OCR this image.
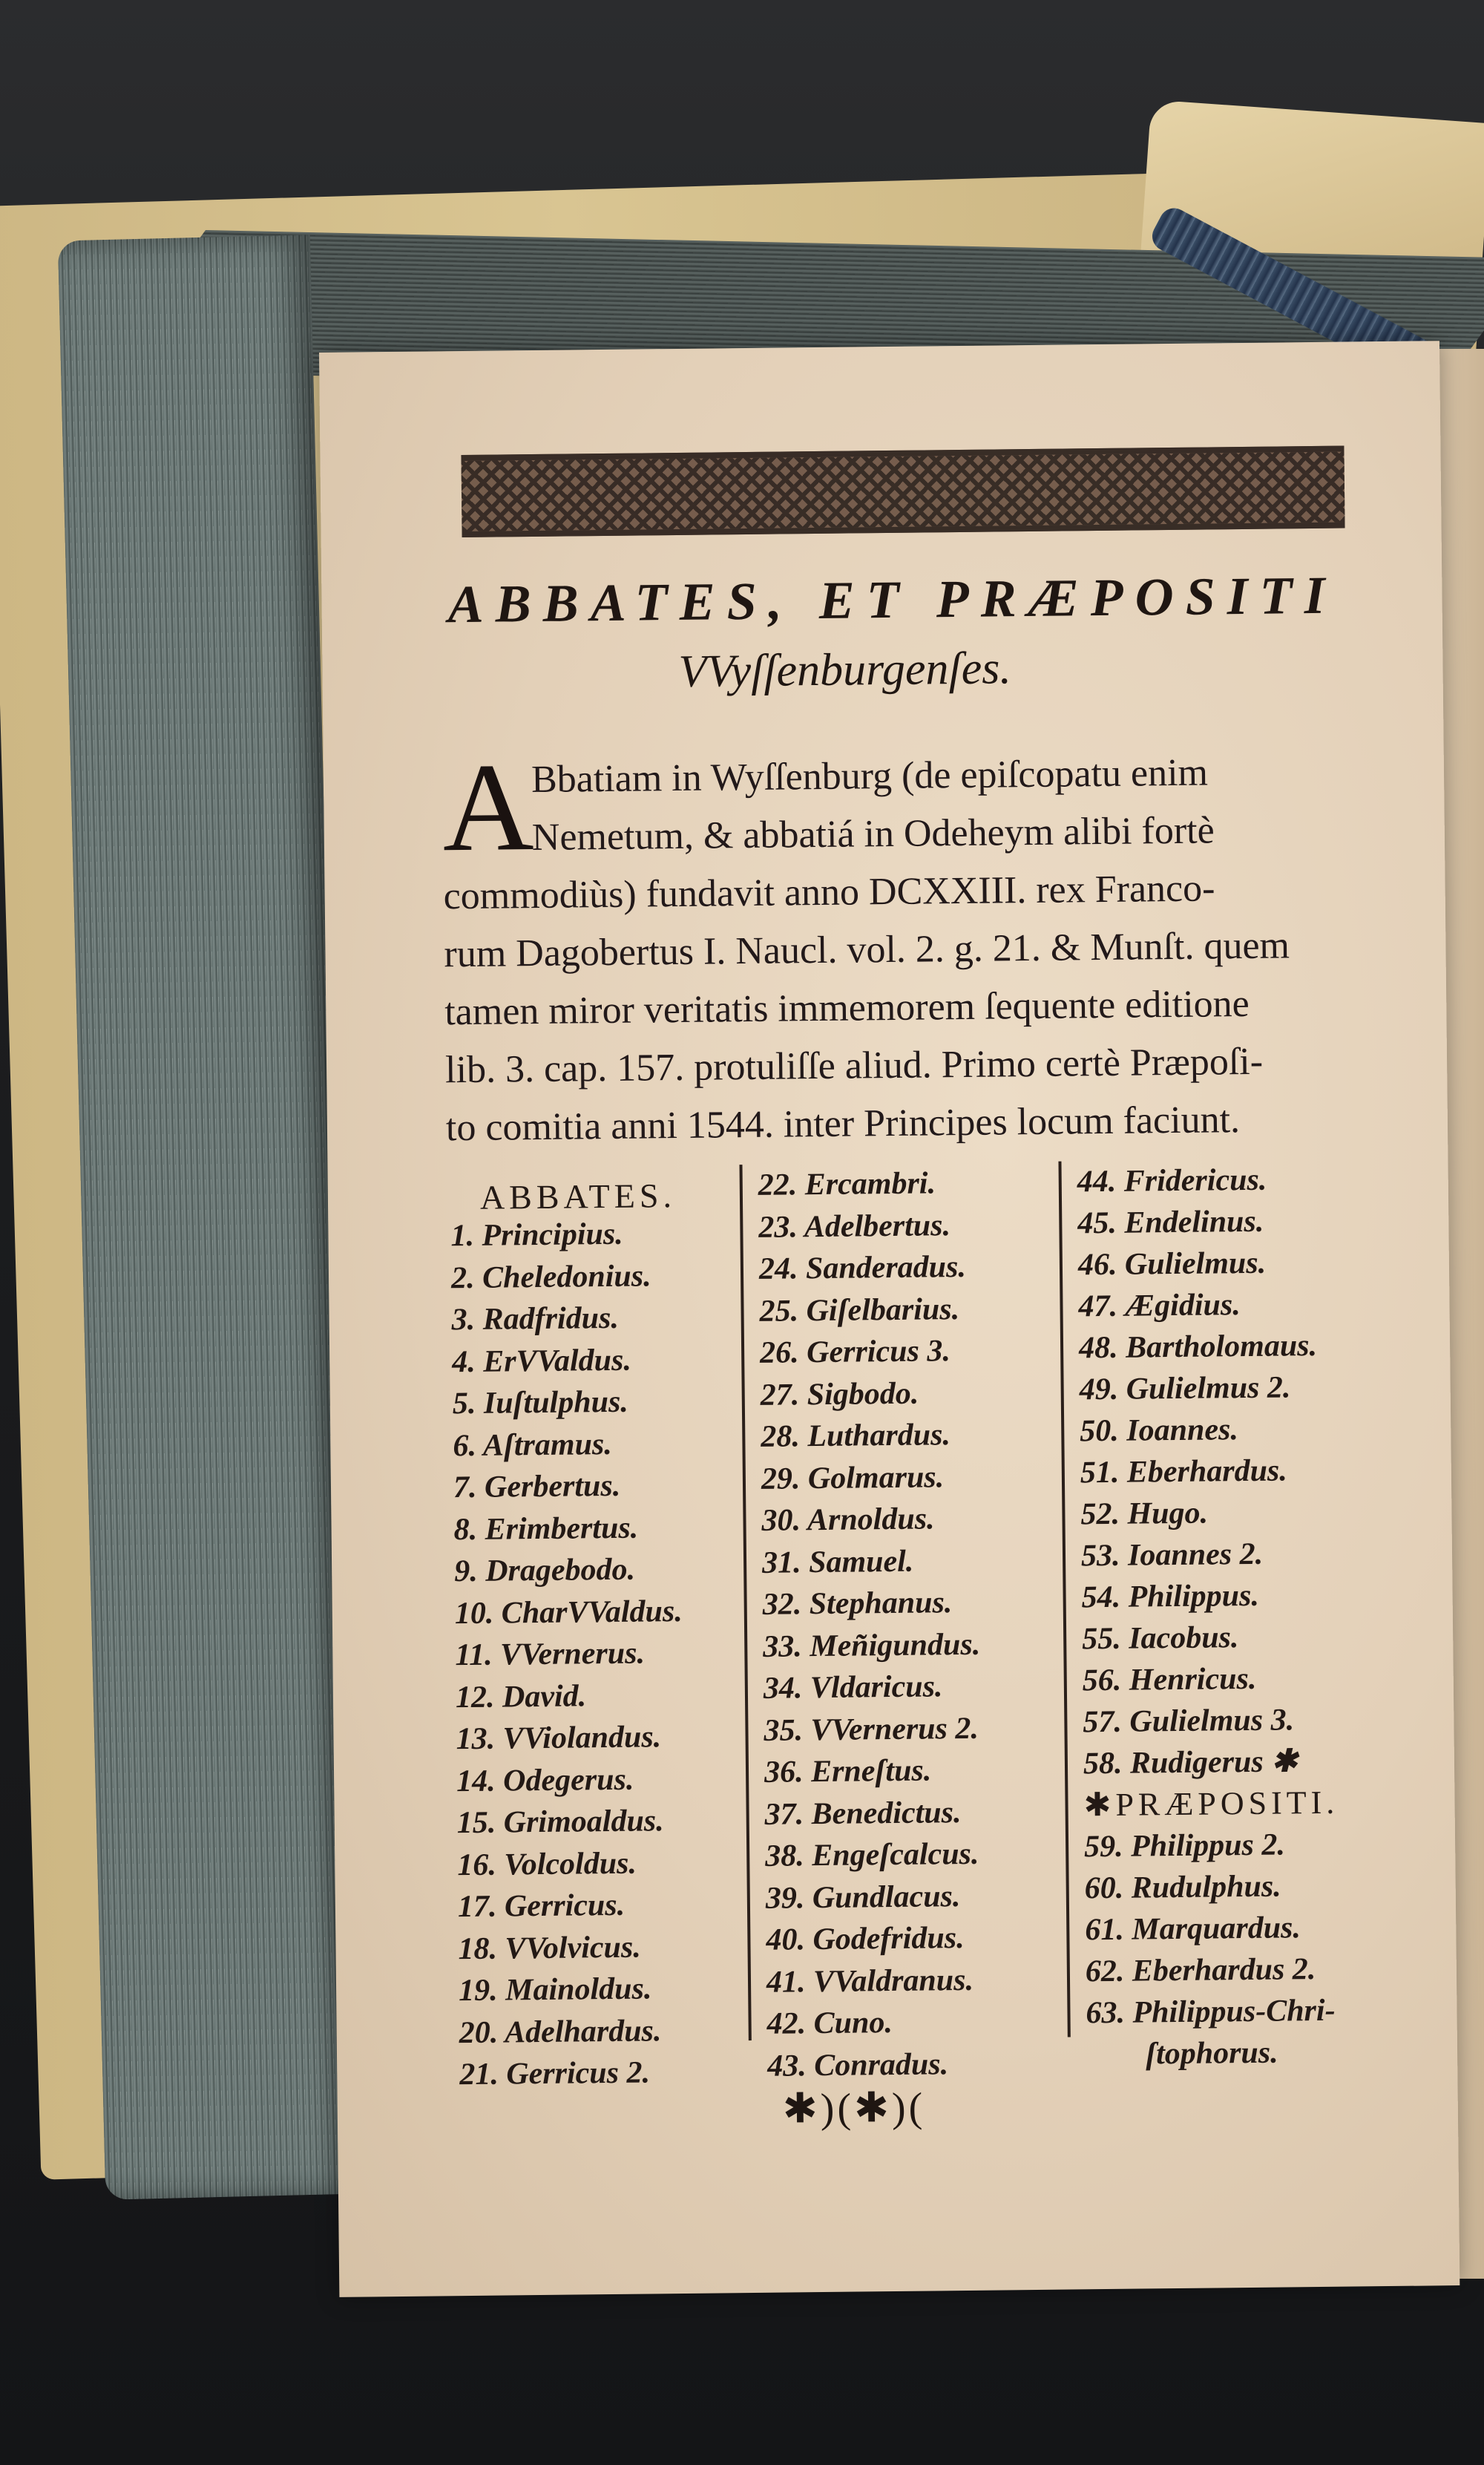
ABBATES, ET PRÆPOSITI
VVyſſenburgenſes.
A
Bbatiam in Wyſſenburg (de epiſcopatu enim
Nemetum, & abbatiá in Odeheym alibi fortè
commodiùs) fundavit anno DCXXIII. rex Franco-
rum Dagobertus I. Naucl. vol. 2. g. 21. & Munſt. quem
tamen miror veritatis immemorem ſequente editione
lib. 3. cap. 157. protuliſſe aliud. Primo certè Præpoſi-
to comitia anni 1544. inter Principes locum faciunt.
ABBATES.
1. Principius.
2. Cheledonius.
3. Radfridus.
4. ErVValdus.
5. Iuſtulphus.
6. Aſtramus.
7. Gerbertus.
8. Erimbertus.
9. Dragebodo.
10. CharVValdus.
11. VVernerus.
12. David.
13. VViolandus.
14. Odegerus.
15. Grimoaldus.
16. Volcoldus.
17. Gerricus.
18. VVolvicus.
19. Mainoldus.
20. Adelhardus.
21. Gerricus 2.
22. Ercambri.
23. Adelbertus.
24. Sanderadus.
25. Giſelbarius.
26. Gerricus 3.
27. Sigbodo.
28. Luthardus.
29. Golmarus.
30. Arnoldus.
31. Samuel.
32. Stephanus.
33. Meñigundus.
34. Vldaricus.
35. VVernerus 2.
36. Erneſtus.
37. Benedictus.
38. Engeſcalcus.
39. Gundlacus.
40. Godefridus.
41. VValdranus.
42. Cuno.
43. Conradus.
44. Fridericus.
45. Endelinus.
46. Gulielmus.
47. Ægidius.
48. Bartholomaus.
49. Gulielmus 2.
50. Ioannes.
51. Eberhardus.
52. Hugo.
53. Ioannes 2.
54. Philippus.
55. Iacobus.
56. Henricus.
57. Gulielmus 3.
58. Rudigerus ✱
✱PRÆPOSITI.
59. Philippus 2.
60. Rudulphus.
61. Marquardus.
62. Eberhardus 2.
63. Philippus-Chri-
ſtophorus.
✱)(✱)(
